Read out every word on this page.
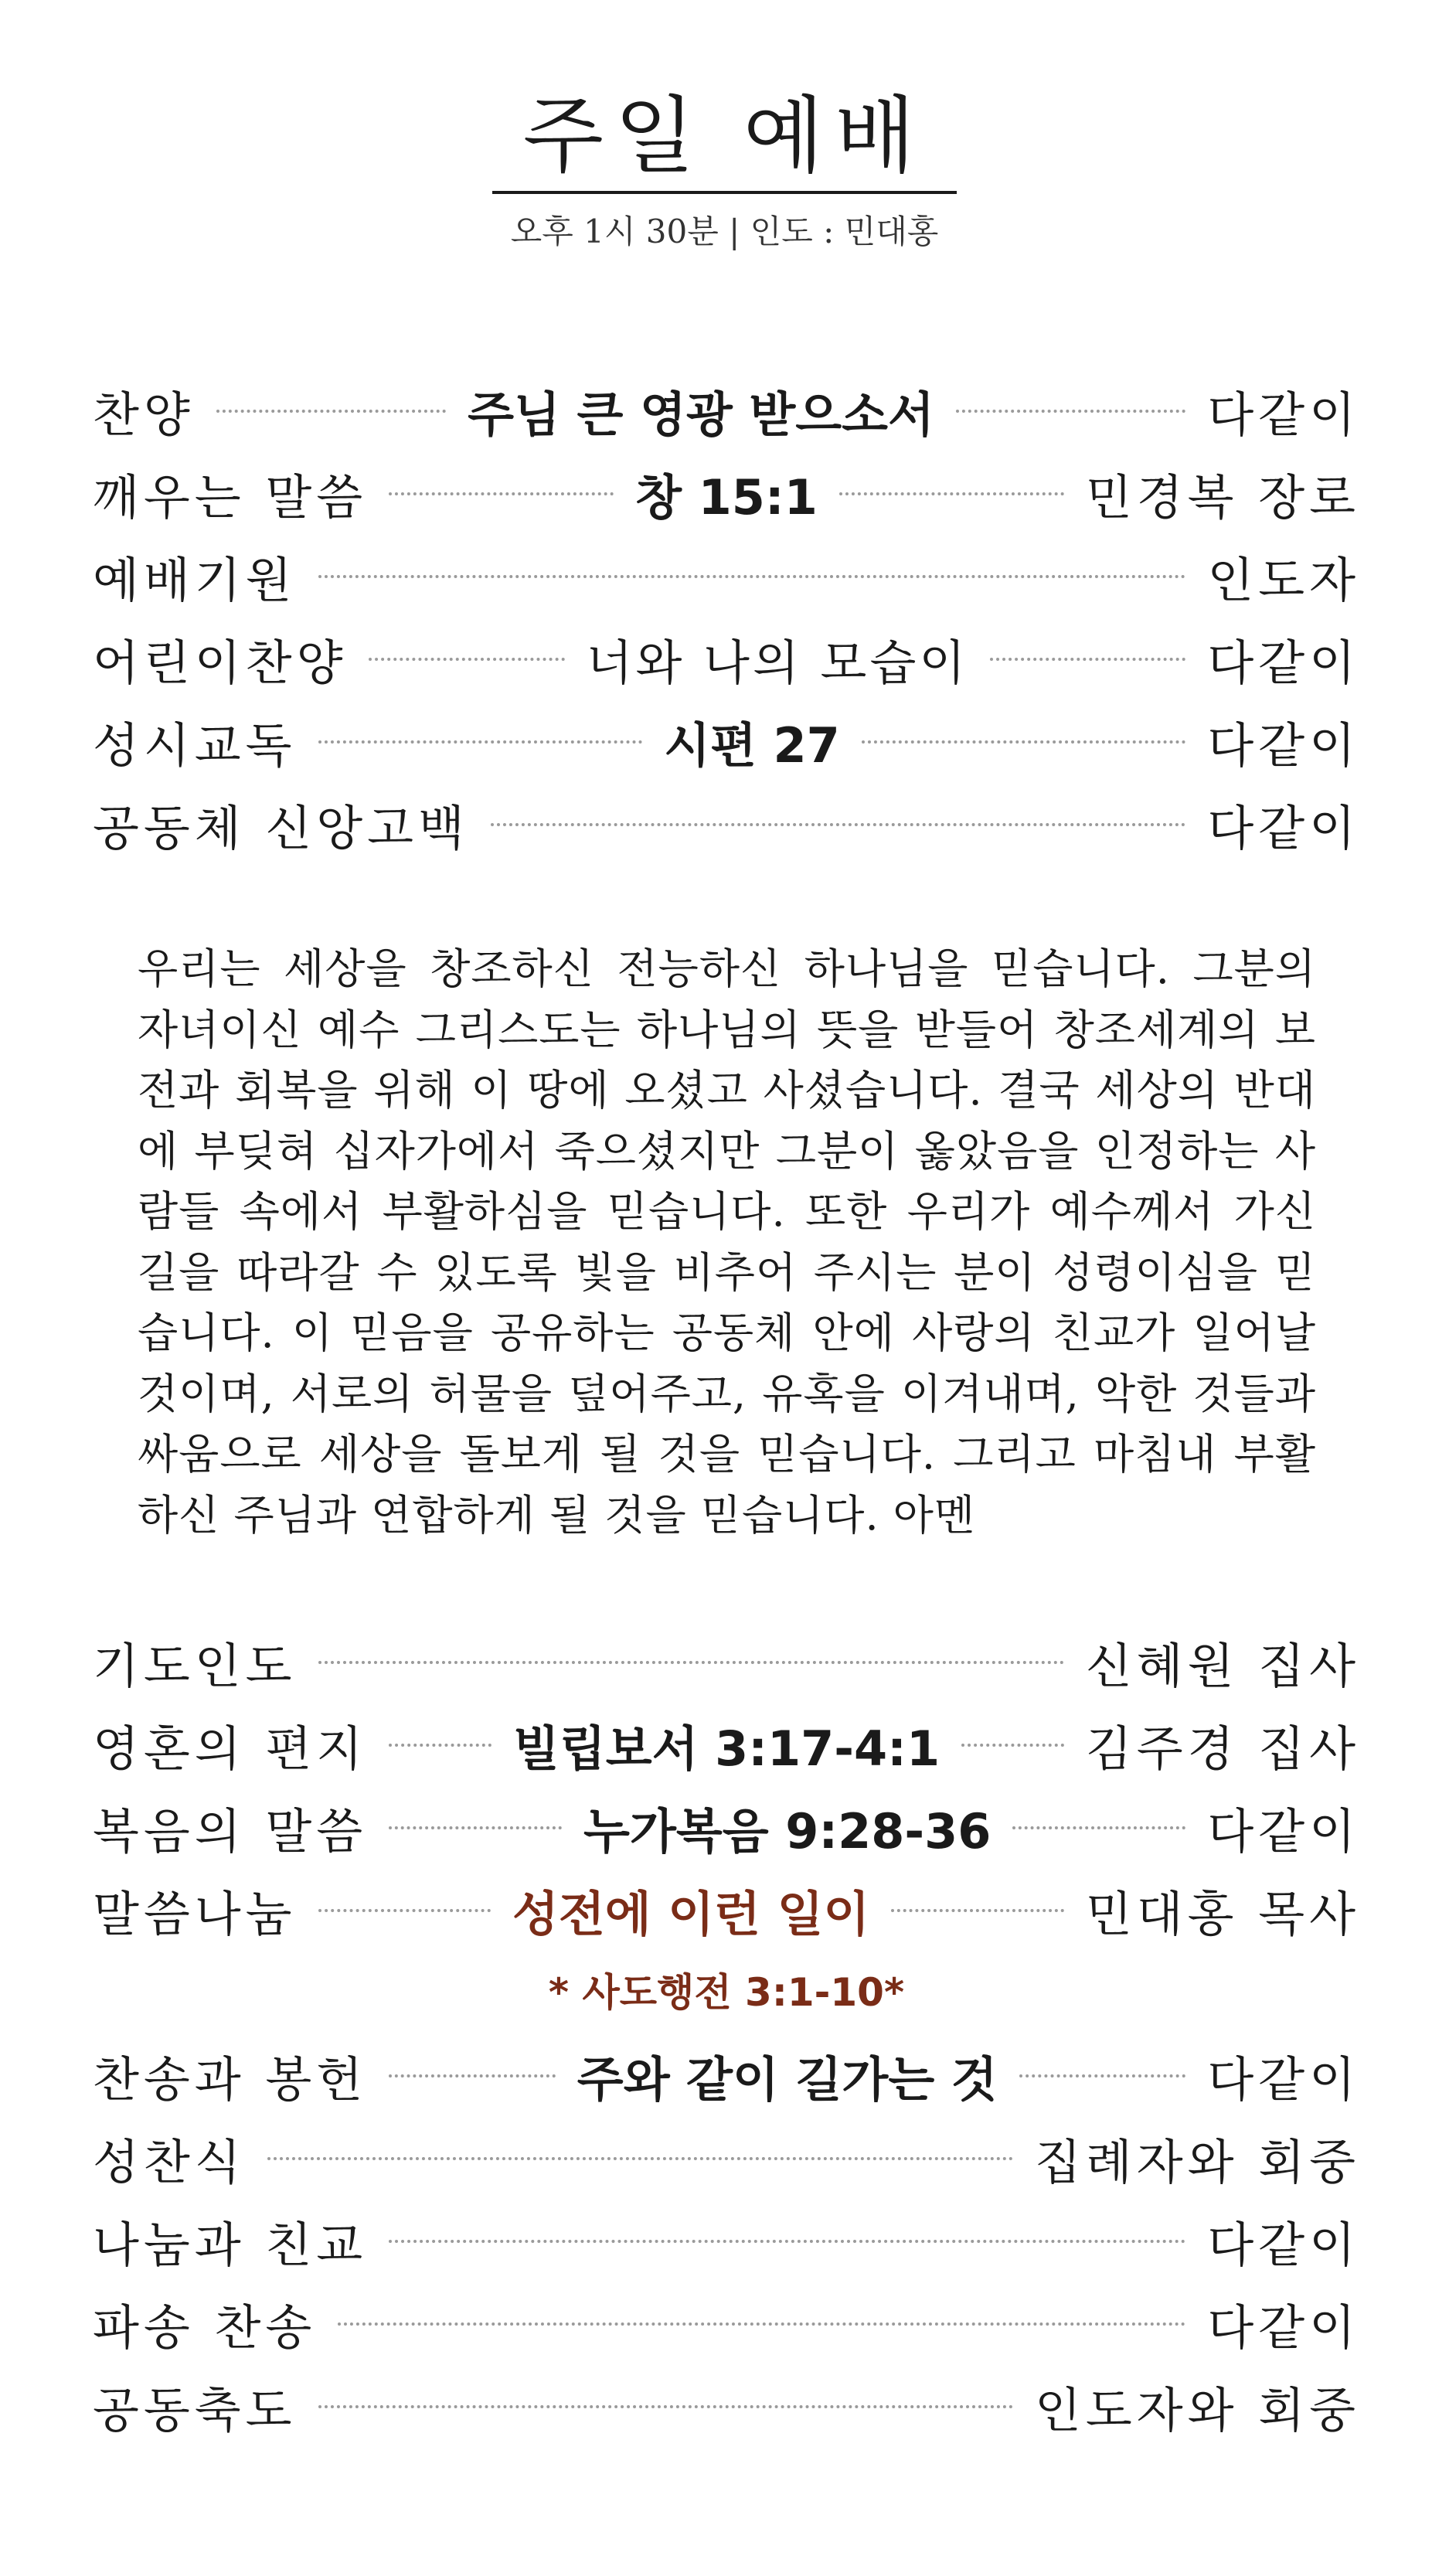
주일 예배
오후 1시 30분 | 인도 : 민대홍
찬양	주님 큰 영광 받으소서	다같이
깨우는 말씀	창 15:1	민경복 장로
예배기원	인도자
어린이찬양	너와 나의 모습이	다같이
성시교독	시편 27	다같이
공동체 신앙고백	다같이
우리는 세상을 창조하신 전능하신 하나님을 믿습니다. 그분의 자녀이신 예수 그리스도는 하나님의 뜻을 받들어 창조세계의 보전과 회복을 위해 이 땅에 오셨고 사셨습니다. 결국 세상의 반대에 부딪혀 십자가에서 죽으셨지만 그분이 옳았음을 인정하는 사람들 속에서 부활하심을 믿습니다. 또한 우리가 예수께서 가신 길을 따라갈 수 있도록 빛을 비추어 주시는 분이 성령이심을 믿습니다. 이 믿음을 공유하는 공동체 안에 사랑의 친교가 일어날 것이며, 서로의 허물을 덮어주고, 유혹을 이겨내며, 악한 것들과 싸움으로 세상을 돌보게 될 것을 믿습니다. 그리고 마침내 부활하신 주님과 연합하게 될 것을 믿습니다. 아멘
기도인도	신혜원 집사
영혼의 편지	빌립보서 3:17-4:1	김주경 집사
복음의 말씀	누가복음 9:28-36	다같이
말씀나눔	성전에 이런 일이	민대홍 목사
* 사도행전 3:1-10*
찬송과 봉헌	주와 같이 길가는 것	다같이
성찬식	집례자와 회중
나눔과 친교	다같이
파송 찬송	다같이
공동축도	인도자와 회중
